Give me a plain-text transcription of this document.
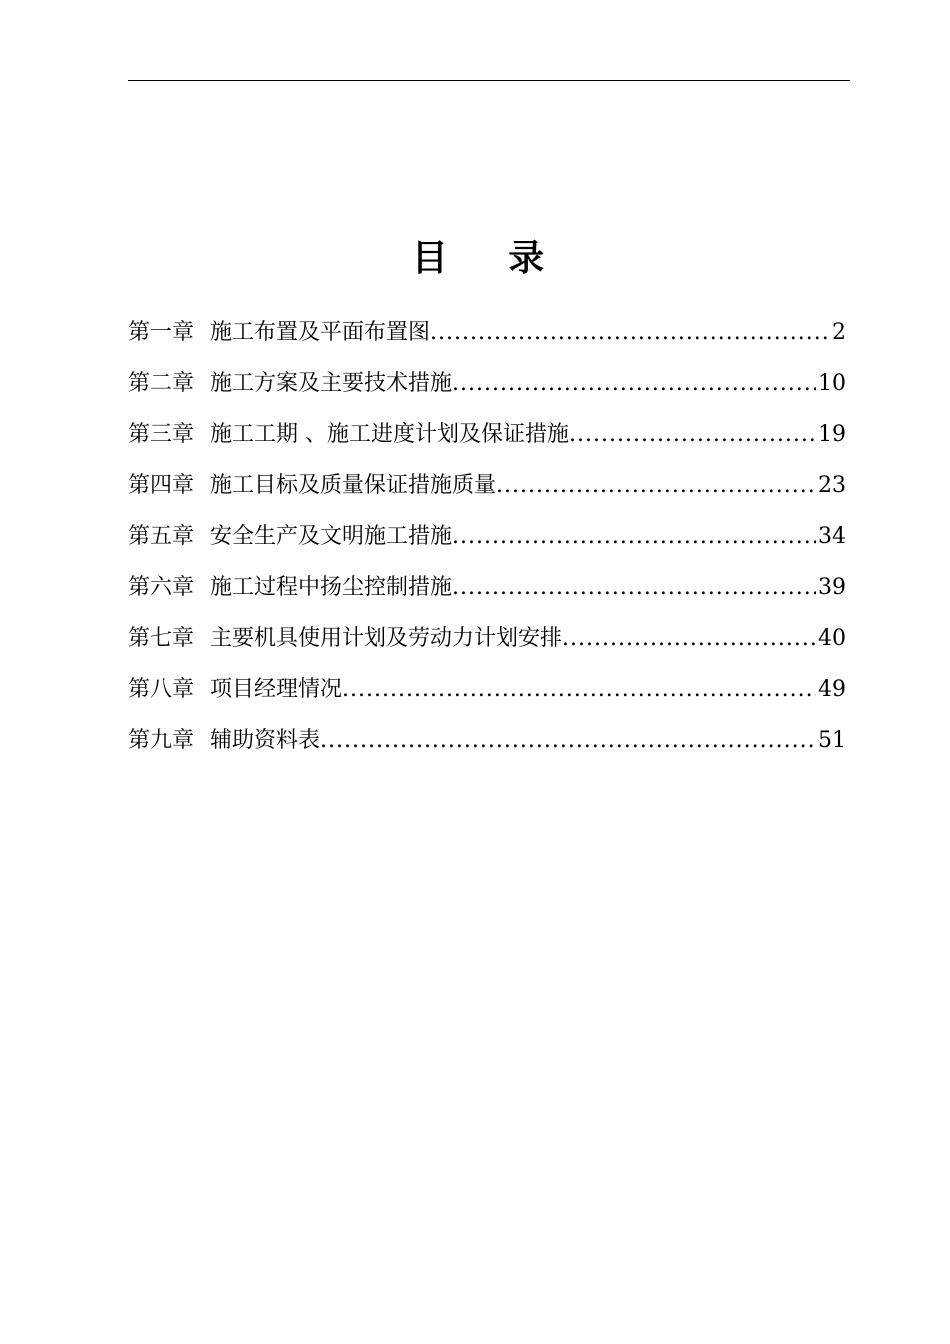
目 录
第一章 施工布置及平面布置图 .....	2
第二章 施工方案及主要技术措施 .....	10
第三章 施工工期 、施工进度计划及保证措施 .....	19
第四章 施工目标及质量保证措施质量 .....	23
第五章 安全生产及文明施工措施 .....	34
第六章 施工过程中扬尘控制措施 .....	39
第七章 主要机具使用计划及劳动力计划安排 .....	40
第八章 项目经理情况 .....	49
第九章 辅助资料表 .....	51
